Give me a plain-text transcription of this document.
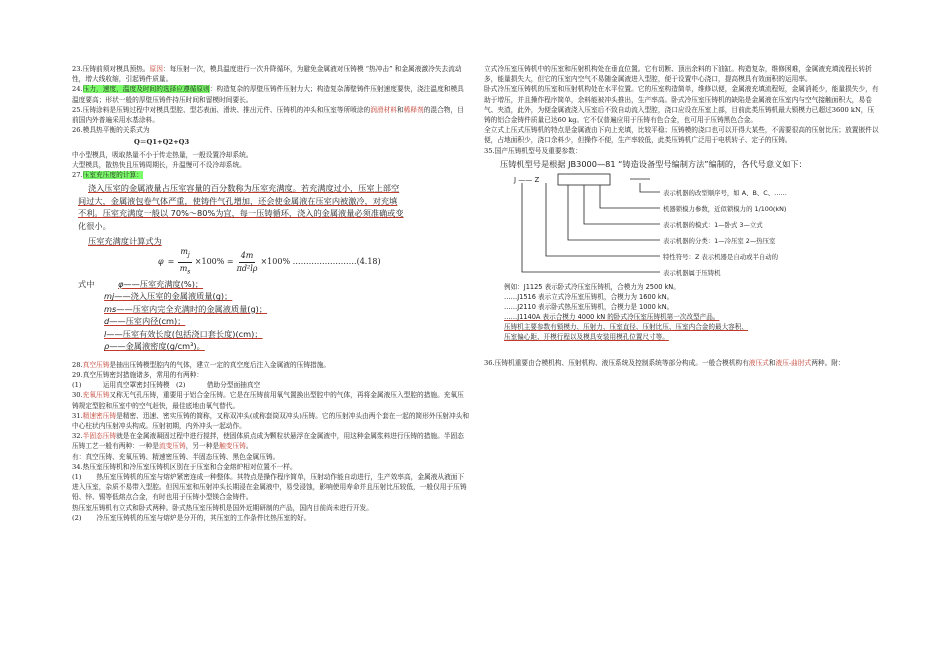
23.压铸前须对模具预热。原因：每压射一次，模具温度进行一次升降循环，为避免金属液对压铸模 “热冲击” 和金属液激冷失去流动性，增大线收缩，引起铸件质量。

24.压力，速度，温度及时间的选择应遵循原则：构造复杂的厚壁压铸件压射力大；构造复杂薄壁铸件压射速度要快，浇注温度和模具温度要高；形状一般的厚壁压铸件持压时间和留模时间要长。

25.压铸涂料是压铸过程中对模具型腔、型芯表面、滑块、推出元件、压铸机的冲头和压室等所喷涂的润滑材料和稀释剂的混合物，目前国内外普遍采用水基涂料。

26.模具热平衡的关系式为

Q＝Q1+Q2+Q3

中小型模具，吸取热量不小于传走热量，一般设置冷却系统。

大型模具，散热快且压铸周期长，升温慢可不设冷却系统。

27.压室充压度的计算：

浇入压室的金属液量占压室容量的百分数称为压室充满度。若充满度过小，压室上部空
间过大，金属液包卷气体严重，使铸件气孔增加，还会使金属液在压室内被激冷，对充填
不利。压室充满度一般以 70%～80%为宜，每一压铸循环，浇入的金属液量必须准确或变
化很小。
压室充满度计算式为
$\varphi = \frac{m_j}{m_s} \times 100\% = \frac{4m}{\text{πd²lρ}} \times 100\%$ ……………………(4.18)
式中	φ——压室充满度(%)；
mj——浇入压室的金属液质量(g)；
ms——压室内完全充满时的金属液质量(g)；
d——压室内径(cm)；
l——压室有效长度(包括浇口套长度)(cm)；
ρ——金属液密度(g/cm³)。

28.真空压铸是抽出压铸模型腔内的气体，建立一定的真空度后注入金属液的压铸措施。

29.真空压铸密封措施诸多，常用的有两种：

(1)          运用真空罩密封压铸模   (2)          借助分型面抽真空

30.充氧压铸又称无气孔压铸，重要用于铝合金压铸。它是在压铸前用氧气置换出型腔中的气体，再将金属液压入型腔的措施。充氧压铸规定型腔和压室中的空气赶快，最佳底地由氧气替代。

31.精速密压铸是精密、迅速、密实压铸的简称，又称双冲头(或称套筒双冲头)压铸。它的压射冲头由两个套在一起的简形外压射冲头和中心柱状内压射冲头构成。压射初期，内外冲头一起动作。

32.半固态压铸就是在金属液凝固过程中进行搅拌，使固体质点成为颗粒状悬浮在金属液中，用这种金属浆料进行压铸的措施。半固态压铸工艺一般有两种：一种是流变压铸，另一种是触变压铸。

有：真空压铸、充氧压铸、精速密压铸、半固态压铸、黑色金属压铸。

34.热压室压铸机和冷压室压铸机区别在于压室和合金熔炉相对位置不一样。

(1)       热压室压铸机的压室与熔炉紧密连成一种整体。其特点是操作程序简单，压射动作能自动进行，生产效率高，金属液从液面下进入压室，杂质不易带入型腔。但因压室和压射冲头长期浸在金属液中，易受浸蚀，影响使用寿命并且压射比压较低，一般仅用于压铸铅、锌、锡等低熔点合金，有时也用于压铸小型镁合金铸件。

热压室压铸机有立式和卧式两种。卧式热压室压铸机是国外近期研制的产品，国内目前尚未进行开发。

(2)       冷压室压铸机的压室与熔炉是分开的，其压室的工作条件比热压室的好。

立式冷压室压铸机中的压室和压射机构处在垂直位置。它有切断、顶出余料的下油缸。构造复杂，维修困难，金属液充填流程长转折多，能量损失大，但它的压室内空气不易随金属液进入型腔，便于设置中心浇口，提高模具有效面积的运用率。

卧式冷压室压铸机的压室和压射机构处在水平位置。它的压室构造简单，维修以便，金属液充填流程短，金属消耗少，能量损失少，有助于增压，并且操作程序简单，余料能被冲头推出，生产率高。卧式冷压室压铸机的缺陷是金属液在压室内与空气接触面积大，易卷气、夹渣，此外，为便金属液浇入压室后不致自动流入型腔，浇口应设在压室上部，目前此类压铸机最大锁模力已超过3600 kN，压铸的铝合金铸件质量已达60 kg。它不仅普遍应用于压铸有色合金，也可用于压铸黑色合金。

全立式上压式压铸机的特点是金属液由下向上充填，比较平稳；压铸模的浇口也可以开得大某些，不需要很高的压射比压；放置嵌件以便，占地面积少，浇口余料少，但操作不便，生产率较低，此类压铸机广泛用于电机转子、定子的压铸。

35.国产压铸机型号及重要参数：

压铸机型号是根据 JB3000—81 “铸造设备型号编制方法”编制的，各代号意义如下：
J —— Z
表示机器的改型顺序号，如 A、B、C、……
机器锁模力参数，近似锁模力的 1/100(kN)
表示机器的模式：1—卧式 3—立式
表示机器的分类：1—冷压室 2—热压室
特性符号：Z 表示机器是自动或半自动的
表示机器属于压铸机
例如：J1125 表示卧式冷压室压铸机，合模力为 2500 kN。
……J1516 表示立式冷压室压铸机，合模力为 1600 kN。
……J2110 表示卧式热压室压铸机，合模力是 1000 kN。
……J1140A 表示合模力 4000 kN 的卧式冷压室压铸机第一次改型产品。
压铸机主要参数有锁模力、压射力、压室直径、压射比压、压室内合金的最大容积、
压室偏心距、开模行程以及模具安装用模孔位置尺寸等。

36.压铸机重要由合模机构、压射机构、液压系统及控制系统等部分构成。一般合模机构有液压式和液压-曲肘式两种。附：
